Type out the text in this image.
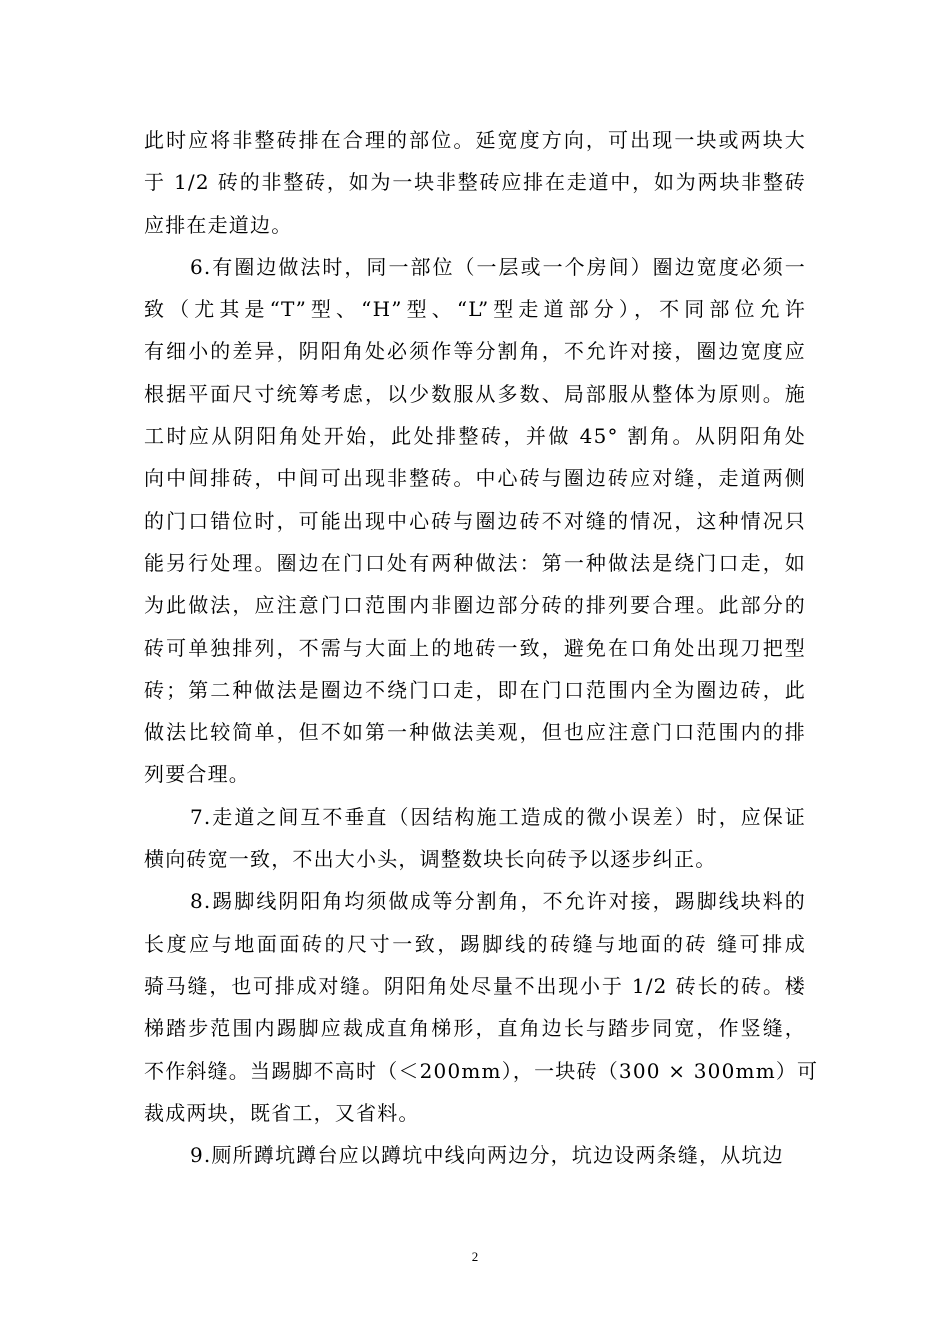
此时应将非整砖排在合理的部位。延宽度方向，可出现一块或两块大
于 1/2 砖的非整砖，如为一块非整砖应排在走道中，如为两块非整砖
应排在走道边。

6.有圈边做法时，同一部位（一层或一个房间）圈边宽度必须一
致（尤其是“T”型、“H”型、“L”型走道部分），不同部位允许
有细小的差异，阴阳角处必须作等分割角，不允许对接，圈边宽度应
根据平面尺寸统筹考虑，以少数服从多数、局部服从整体为原则。施
工时应从阴阳角处开始，此处排整砖，并做 45° 割角。从阴阳角处
向中间排砖，中间可出现非整砖。中心砖与圈边砖应对缝，走道两侧
的门口错位时，可能出现中心砖与圈边砖不对缝的情况，这种情况只
能另行处理。圈边在门口处有两种做法：第一种做法是绕门口走，如
为此做法，应注意门口范围内非圈边部分砖的排列要合理。此部分的
砖可单独排列，不需与大面上的地砖一致，避免在口角处出现刀把型
砖；第二种做法是圈边不绕门口走，即在门口范围内全为圈边砖，此
做法比较简单，但不如第一种做法美观，但也应注意门口范围内的排
列要合理。

7.走道之间互不垂直（因结构施工造成的微小误差）时，应保证
横向砖宽一致，不出大小头，调整数块长向砖予以逐步纠正。

8.踢脚线阴阳角均须做成等分割角，不允许对接，踢脚线块料的
长度应与地面面砖的尺寸一致，踢脚线的砖缝与地面的砖 缝可排成
骑马缝，也可排成对缝。阴阳角处尽量不出现小于 1/2 砖长的砖。楼
梯踏步范围内踢脚应裁成直角梯形，直角边长与踏步同宽，作竖缝，
不作斜缝。当踢脚不高时（＜200mm），一块砖（300 × 300mm）可
裁成两块，既省工，又省料。

9.厕所蹲坑蹲台应以蹲坑中线向两边分，坑边设两条缝，从坑边

2
